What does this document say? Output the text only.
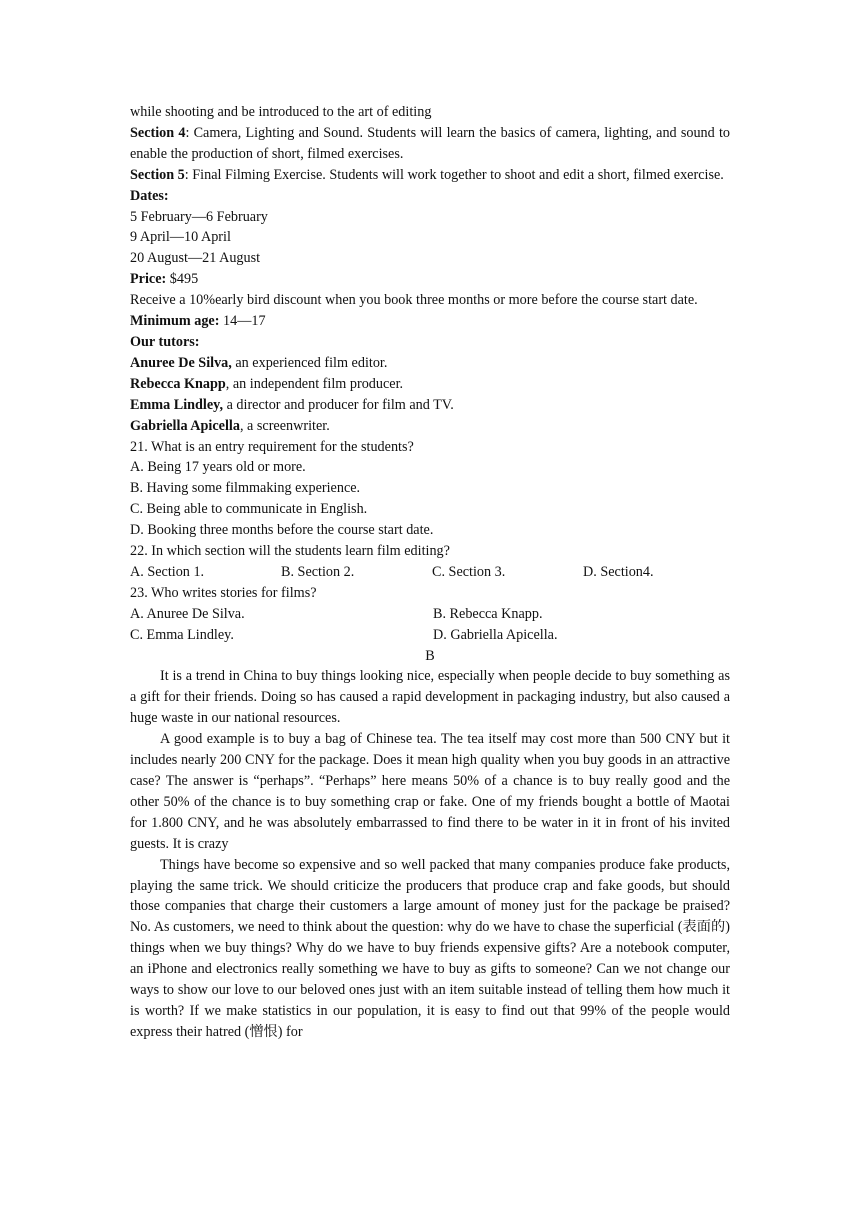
while shooting and be introduced to the art of editing
Section 4: Camera, Lighting and Sound. Students will learn the basics of camera, lighting, and sound to enable the production of short, filmed exercises.
Section 5: Final Filming Exercise. Students will work together to shoot and edit a short, filmed exercise.
Dates:
5 February—6 February
9 April—10 April
20 August—21 August
Price: $495
Receive a 10%early bird discount when you book three months or more before the course start date.
Minimum age: 14—17
Our tutors:
Anuree De Silva, an experienced film editor.
Rebecca Knapp, an independent film producer.
Emma Lindley, a director and producer for film and TV.
Gabriella Apicella, a screenwriter.
21. What is an entry requirement for the students?
A. Being 17 years old or more.
B. Having some filmmaking experience.
C. Being able to communicate in English.
D. Booking three months before the course start date.
22. In which section will the students learn film editing?
A. Section 1.	B. Section 2.	C. Section 3.	D. Section4.
23. Who writes stories for films?
A. Anuree De Silva.	B. Rebecca Knapp.
C. Emma Lindley.	D. Gabriella Apicella.
B
It is a trend in China to buy things looking nice, especially when people decide to buy something as a gift for their friends. Doing so has caused a rapid development in packaging industry, but also caused a huge waste in our national resources.
A good example is to buy a bag of Chinese tea. The tea itself may cost more than 500 CNY but it includes nearly 200 CNY for the package. Does it mean high quality when you buy goods in an attractive case? The answer is “perhaps”. “Perhaps” here means 50% of a chance is to buy really good and the other 50% of the chance is to buy something crap or fake. One of my friends bought a bottle of Maotai for 1.800 CNY, and he was absolutely embarrassed to find there to be water in it in front of his invited guests. It is crazy
Things have become so expensive and so well packed that many companies produce fake products, playing the same trick. We should criticize the producers that produce crap and fake goods, but should those companies that charge their customers a large amount of money just for the package be praised? No. As customers, we need to think about the question: why do we have to chase the superficial (表面的) things when we buy things? Why do we have to buy friends expensive gifts? Are a notebook computer, an iPhone and electronics really something we have to buy as gifts to someone? Can we not change our ways to show our love to our beloved ones just with an item suitable instead of telling them how much it is worth? If we make statistics in our population, it is easy to find out that 99% of the people would express their hatred (憎恨) for
